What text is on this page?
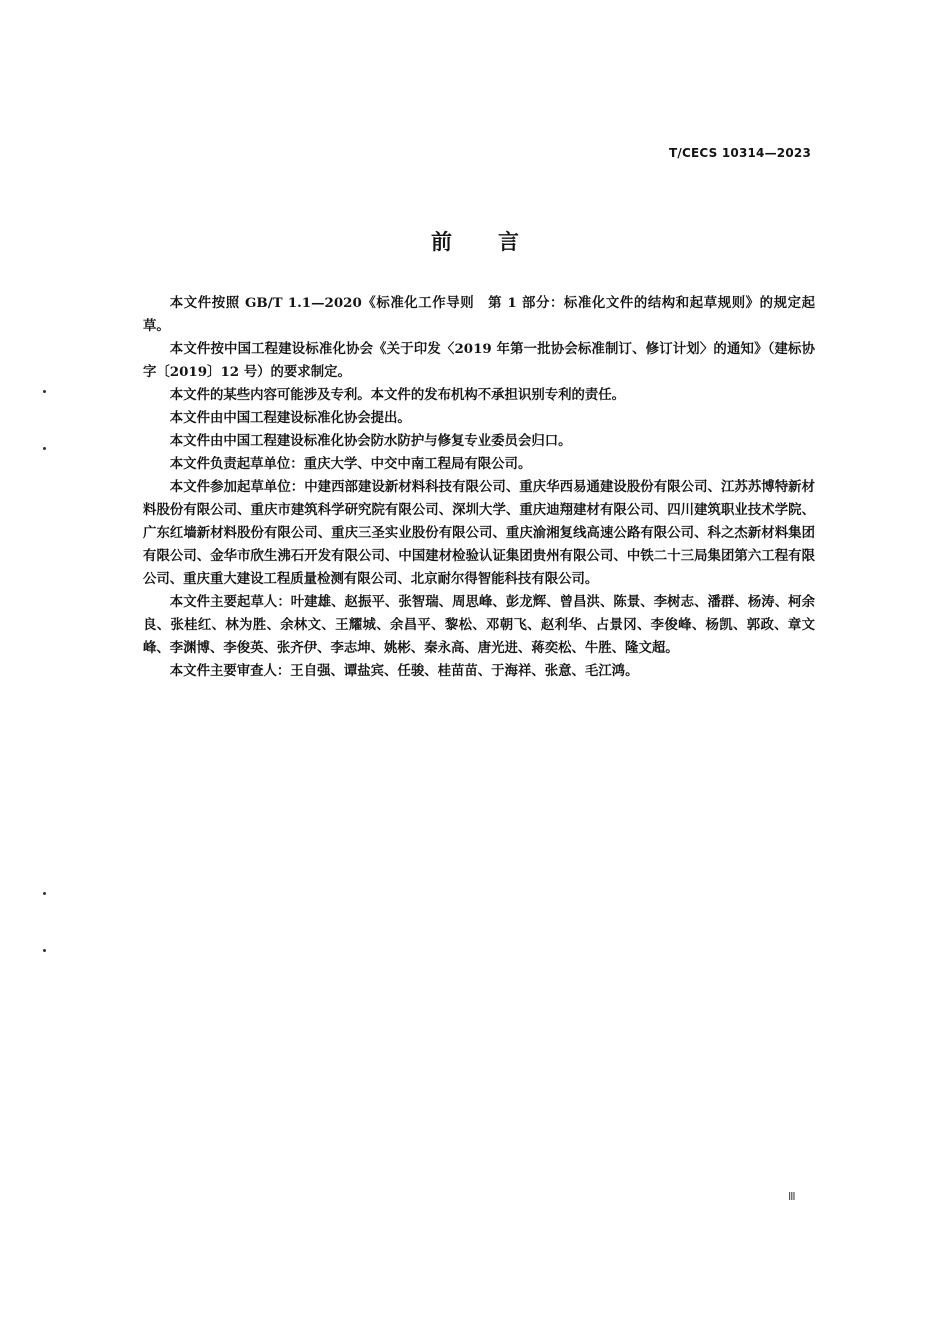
T/CECS 10314—2023
前言

本文件按照 GB/T 1.1—2020《标准化工作导则　第 1 部分：标准化文件的结构和起草规则》的规定起草。

本文件按中国工程建设标准化协会《关于印发〈2019 年第一批协会标准制订、修订计划〉的通知》（建标协字〔2019〕12 号）的要求制定。

本文件的某些内容可能涉及专利。本文件的发布机构不承担识别专利的责任。

本文件由中国工程建设标准化协会提出。

本文件由中国工程建设标准化协会防水防护与修复专业委员会归口。

本文件负责起草单位：重庆大学、中交中南工程局有限公司。

本文件参加起草单位：中建西部建设新材料科技有限公司、重庆华西易通建设股份有限公司、江苏苏博特新材料股份有限公司、重庆市建筑科学研究院有限公司、深圳大学、重庆迪翔建材有限公司、四川建筑职业技术学院、广东红墙新材料股份有限公司、重庆三圣实业股份有限公司、重庆渝湘复线高速公路有限公司、科之杰新材料集团有限公司、金华市欣生沸石开发有限公司、中国建材检验认证集团贵州有限公司、中铁二十三局集团第六工程有限公司、重庆重大建设工程质量检测有限公司、北京耐尔得智能科技有限公司。

本文件主要起草人：叶建雄、赵振平、张智瑞、周思峰、彭龙辉、曾昌洪、陈景、李树志、潘群、杨涛、柯余良、张桂红、林为胜、余林文、王耀城、余昌平、黎松、邓朝飞、赵利华、占景冈、李俊峰、杨凯、郭政、章文峰、李渊博、李俊英、张齐伊、李志坤、姚彬、秦永高、唐光进、蒋奕松、牛胜、隆文超。

本文件主要审查人：王自强、谭盐宾、任骏、桂苗苗、于海祥、张意、毛江鸿。

Ⅲ
